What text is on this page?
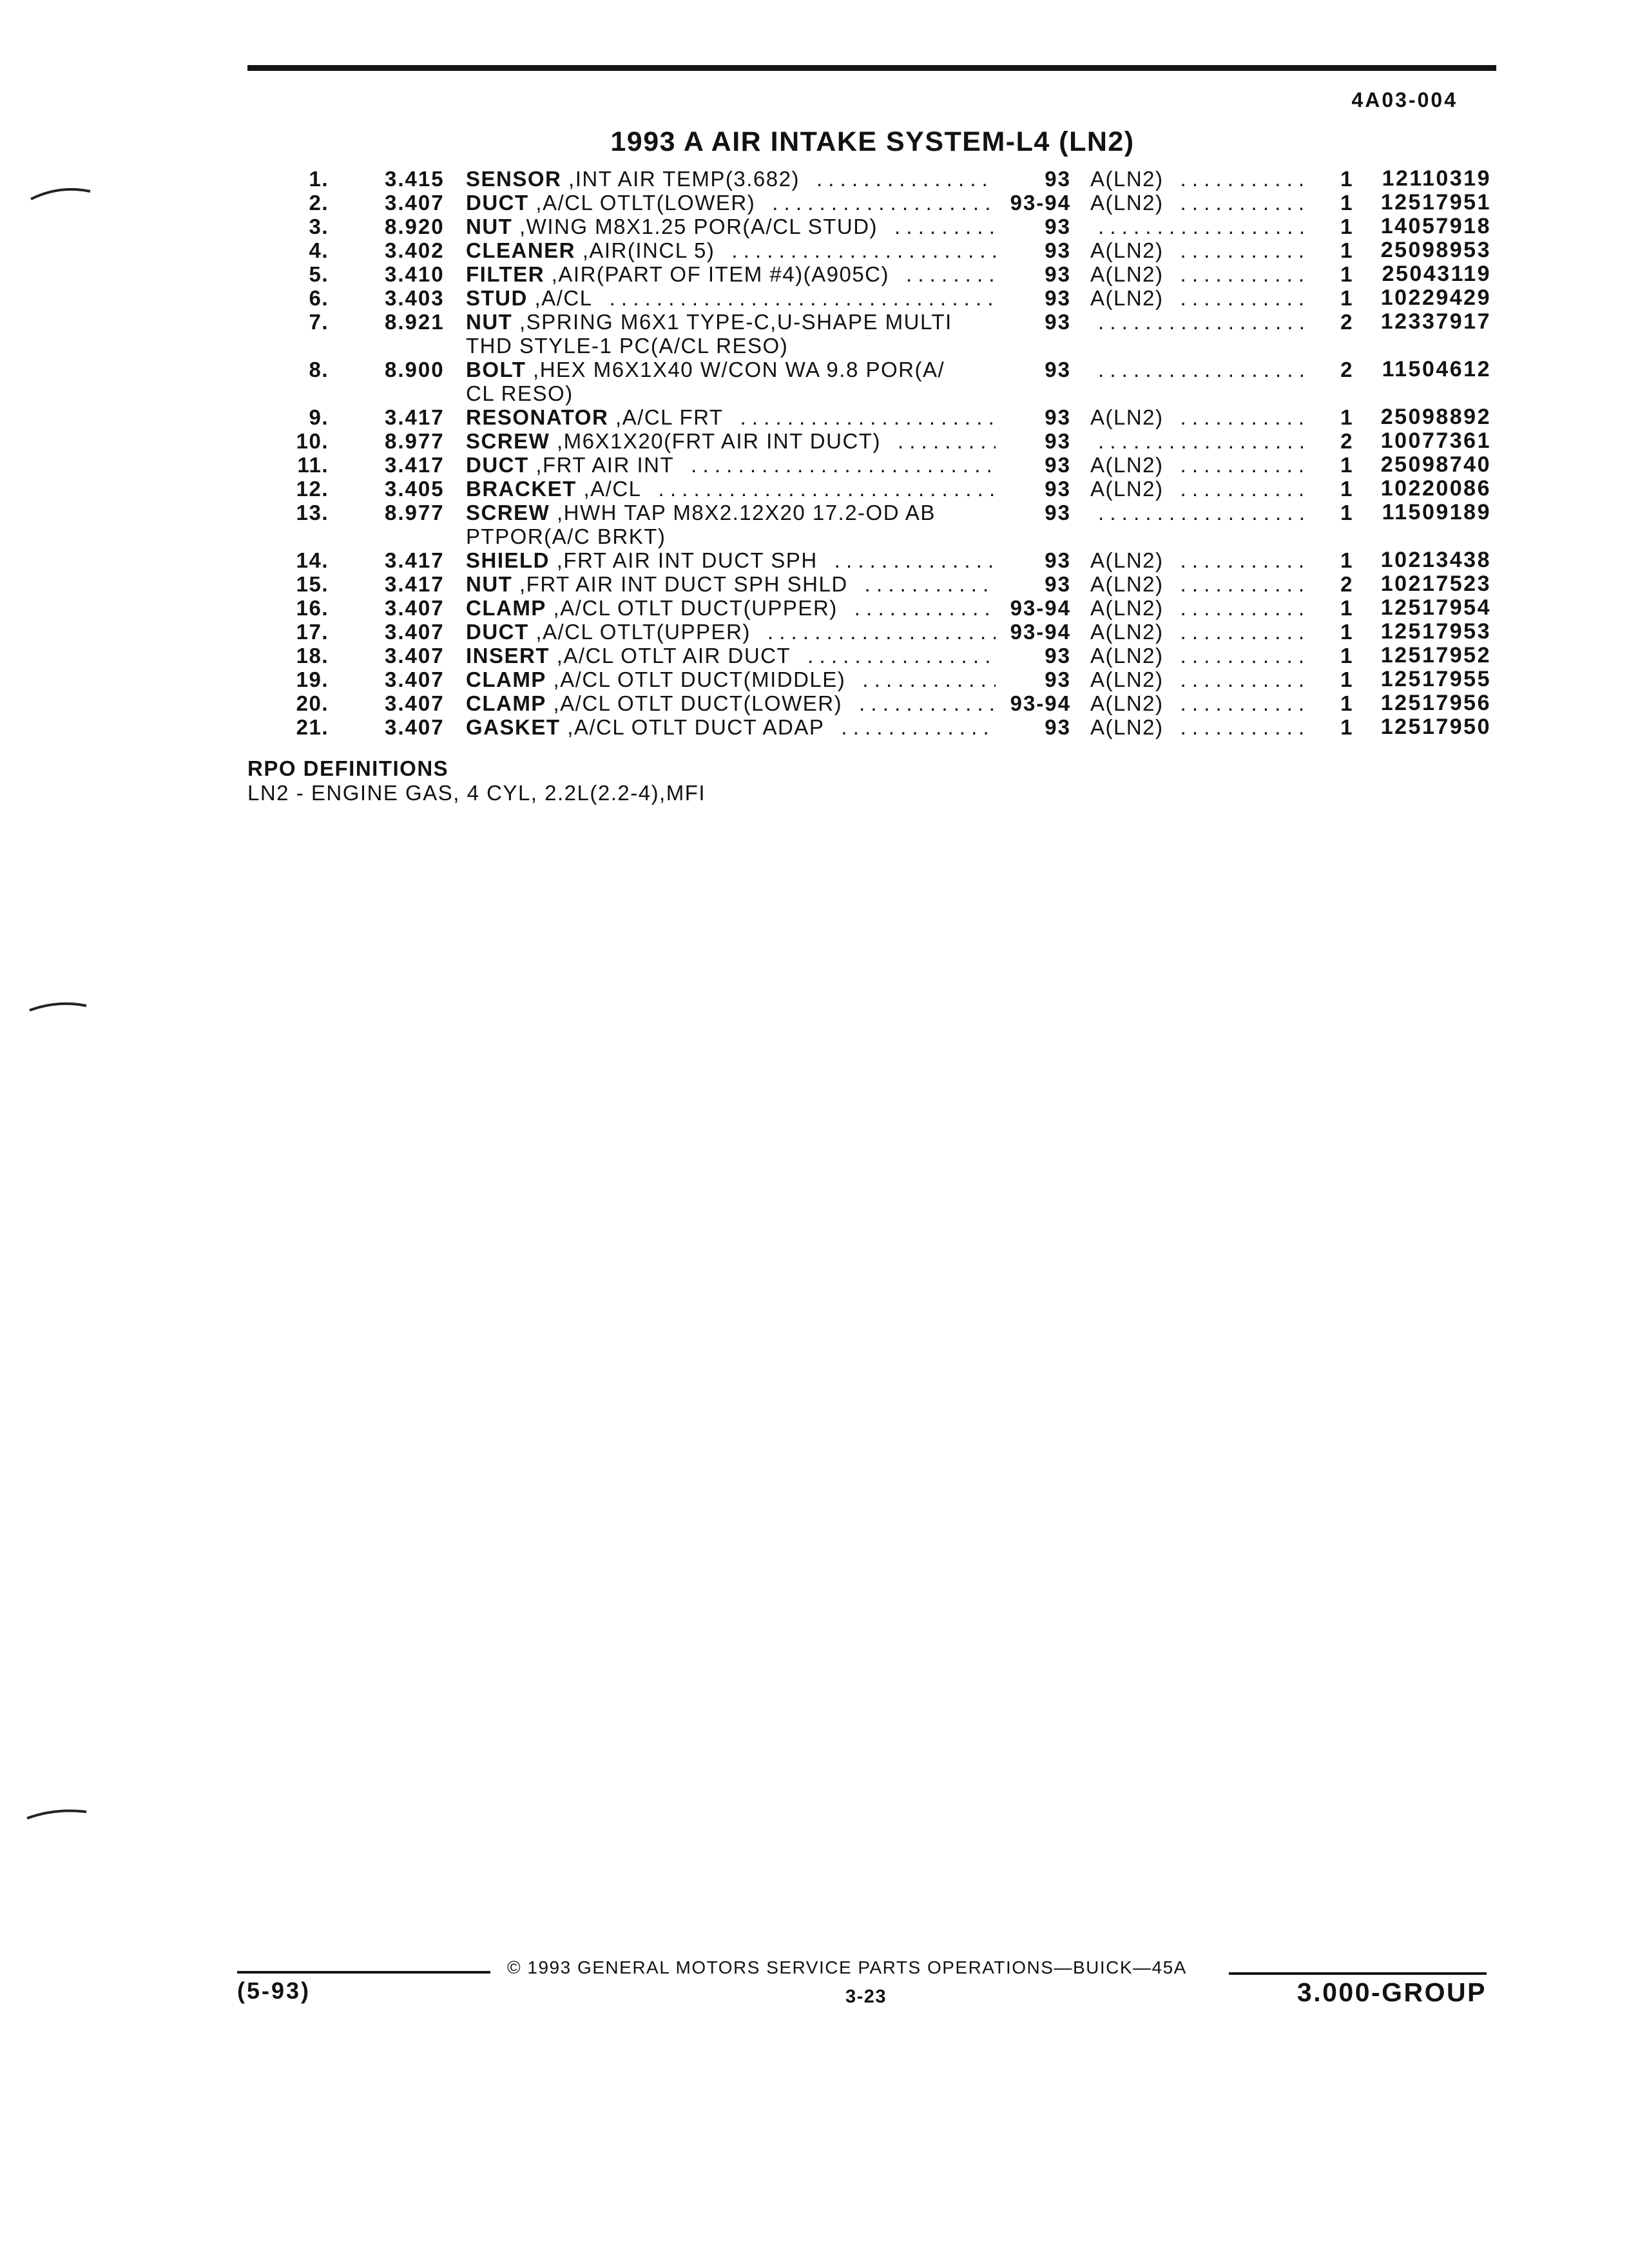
4A03-004
1993 A AIR INTAKE SYSTEM-L4 (LN2)
1.	3.415	SENSOR ,INT AIR TEMP(3.682) . . .	93 A(LN2) . . .	1	12110319
2.	3.407	DUCT ,A/CL OTLT(LOWER) . . .	93-94 A(LN2) . . .	1	12517951
3.	8.920	NUT ,WING M8X1.25 POR(A/CL STUD) . . .	93 . . .	1	14057918
4.	3.402	CLEANER ,AIR(INCL 5) . . .	93 A(LN2) . . .	1	25098953
5.	3.410	FILTER ,AIR(PART OF ITEM #4)(A905C) . . .	93 A(LN2) . . .	1	25043119
6.	3.403	STUD ,A/CL . . .	93 A(LN2) . . .	1	10229429
7.	8.921	NUT ,SPRING M6X1 TYPE-C,U-SHAPE MULTI	93 . . .	2	12337917
THD STYLE-1 PC(A/CL RESO)
8.	8.900	BOLT ,HEX M6X1X40 W/CON WA 9.8 POR(A/	93 . . .	2	11504612
CL RESO)
9.	3.417	RESONATOR ,A/CL FRT . . .	93 A(LN2) . . .	1	25098892
10.	8.977	SCREW ,M6X1X20(FRT AIR INT DUCT) . . .	93 . . .	2	10077361
11.	3.417	DUCT ,FRT AIR INT . . .	93 A(LN2) . . .	1	25098740
12.	3.405	BRACKET ,A/CL . . .	93 A(LN2) . . .	1	10220086
13.	8.977	SCREW ,HWH TAP M8X2.12X20 17.2-OD AB	93 . . .	1	11509189
PTPOR(A/C BRKT)
14.	3.417	SHIELD ,FRT AIR INT DUCT SPH . . .	93 A(LN2) . . .	1	10213438
15.	3.417	NUT ,FRT AIR INT DUCT SPH SHLD . . .	93 A(LN2) . . .	2	10217523
16.	3.407	CLAMP ,A/CL OTLT DUCT(UPPER) . . .	93-94 A(LN2) . . .	1	12517954
17.	3.407	DUCT ,A/CL OTLT(UPPER) . . .	93-94 A(LN2) . . .	1	12517953
18.	3.407	INSERT ,A/CL OTLT AIR DUCT . . .	93 A(LN2) . . .	1	12517952
19.	3.407	CLAMP ,A/CL OTLT DUCT(MIDDLE) . . .	93 A(LN2) . . .	1	12517955
20.	3.407	CLAMP ,A/CL OTLT DUCT(LOWER) . . .	93-94 A(LN2) . . .	1	12517956
21.	3.407	GASKET ,A/CL OTLT DUCT ADAP . . .	93 A(LN2) . . .	1	12517950
RPO DEFINITIONS
LN2 - ENGINE GAS, 4 CYL, 2.2L(2.2-4),MFI
© 1993 GENERAL MOTORS SERVICE PARTS OPERATIONS—BUICK—45A
(5-93)	3-23	3.000-GROUP
